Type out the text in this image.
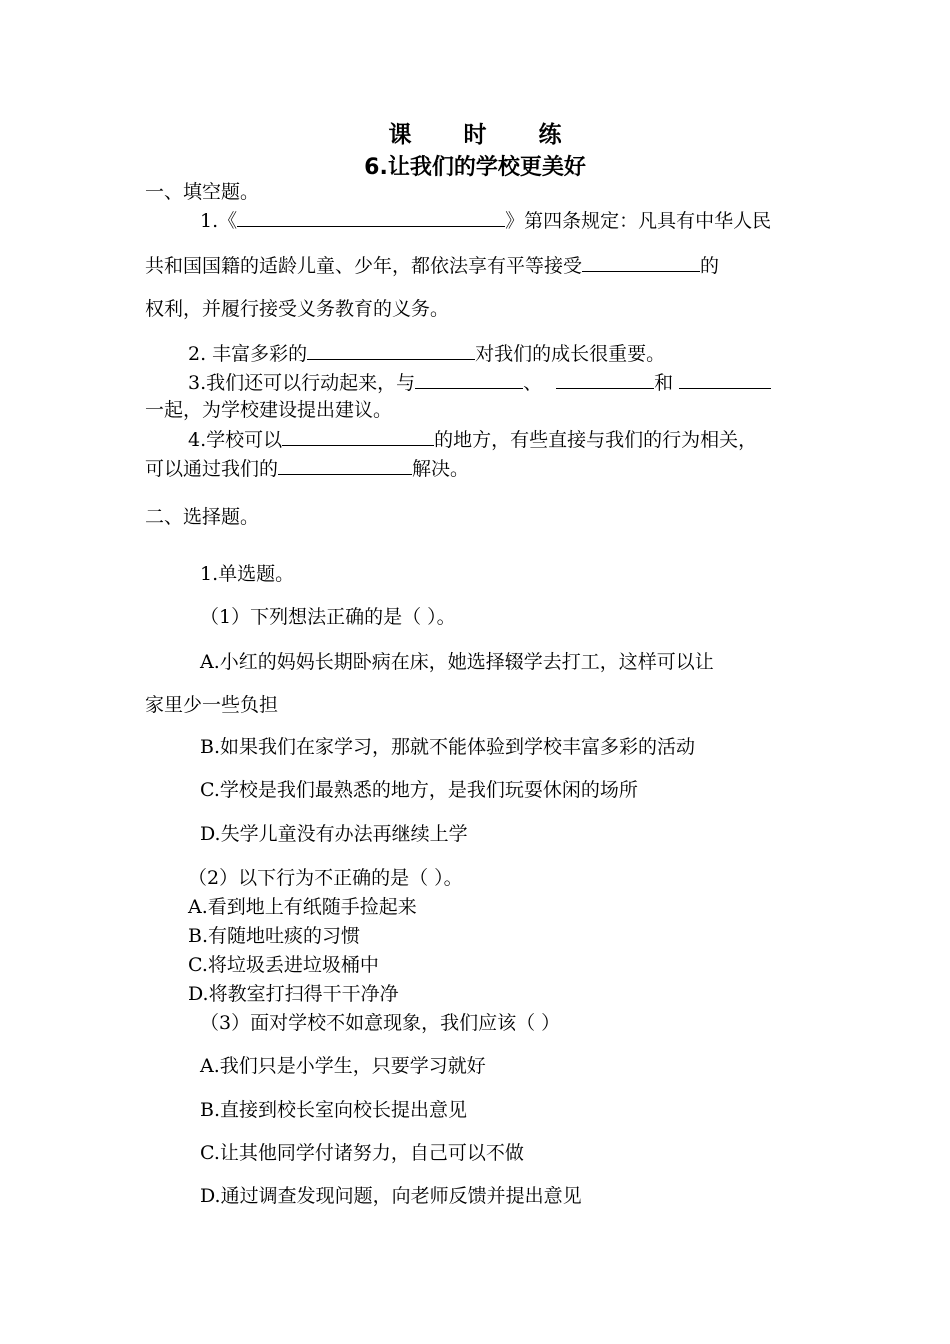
课 时 练
6.让我们的学校更美好
一、填空题。
1.《	》第四条规定：凡具有中华人民
共和国国籍的适龄儿童、少年，都依法享有平等接受	的
权利，并履行接受义务教育的义务。
2. 丰富多彩的	对我们的成长很重要。
3.我们还可以行动起来，与	、	和
一起，为学校建设提出建议。
4.学校可以	的地方，有些直接与我们的行为相关，
可以通过我们的	解决。
二、选择题。
1.单选题。
（1）下列想法正确的是（ ）。
A.小红的妈妈长期卧病在床，她选择辍学去打工，这样可以让
家里少一些负担
B.如果我们在家学习，那就不能体验到学校丰富多彩的活动
C.学校是我们最熟悉的地方，是我们玩耍休闲的场所
D.失学儿童没有办法再继续上学
（2）以下行为不正确的是（ ）。
A.看到地上有纸随手捡起来
B.有随地吐痰的习惯
C.将垃圾丢进垃圾桶中
D.将教室打扫得干干净净
（3）面对学校不如意现象，我们应该（ ）
A.我们只是小学生，只要学习就好
B.直接到校长室向校长提出意见
C.让其他同学付诸努力，自己可以不做
D.通过调查发现问题，向老师反馈并提出意见
